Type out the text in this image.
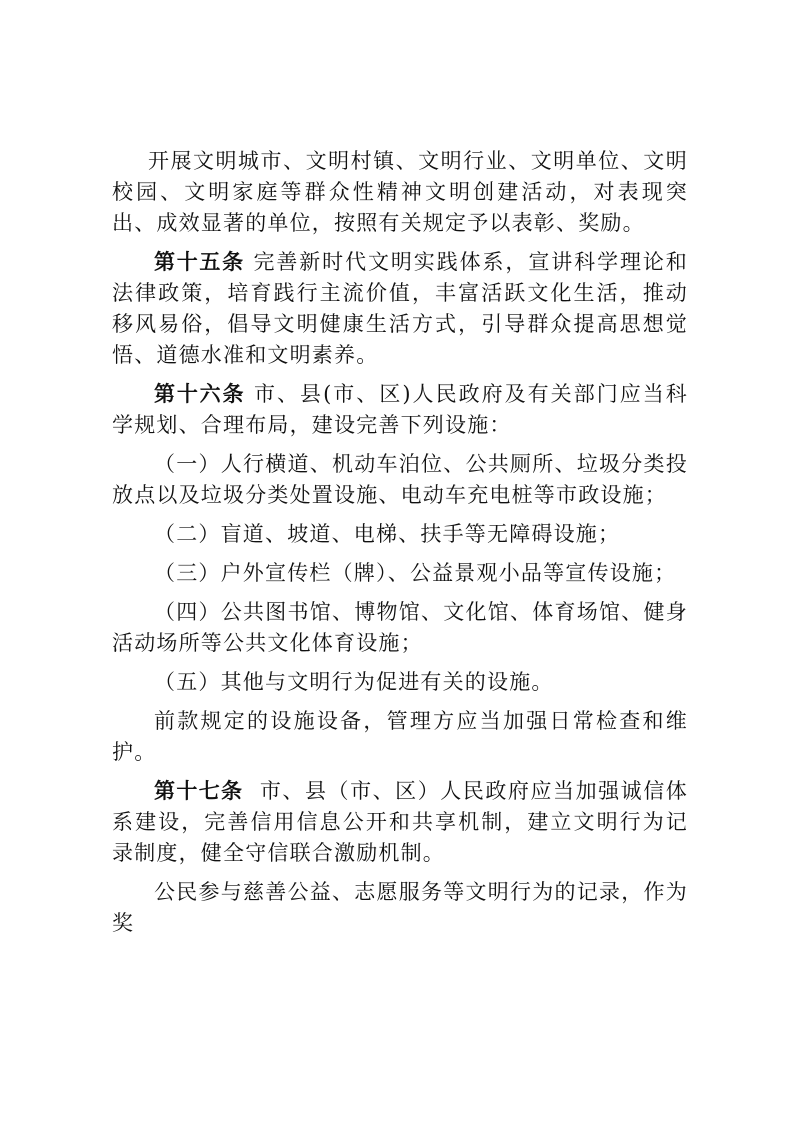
开展文明城市、文明村镇、文明行业、文明单位、文明校园、文明家庭等群众性精神文明创建活动，对表现突出、成效显著的单位，按照有关规定予以表彰、奖励。

第十五条 完善新时代文明实践体系，宣讲科学理论和法律政策，培育践行主流价值，丰富活跃文化生活，推动移风易俗，倡导文明健康生活方式，引导群众提高思想觉悟、道德水准和文明素养。

第十六条 市、县(市、区)人民政府及有关部门应当科学规划、合理布局，建设完善下列设施：

（一）人行横道、机动车泊位、公共厕所、垃圾分类投放点以及垃圾分类处置设施、电动车充电桩等市政设施；

（二）盲道、坡道、电梯、扶手等无障碍设施；

（三）户外宣传栏（牌）、公益景观小品等宣传设施；

（四）公共图书馆、博物馆、文化馆、体育场馆、健身活动场所等公共文化体育设施；

（五）其他与文明行为促进有关的设施。

前款规定的设施设备，管理方应当加强日常检查和维护。

第十七条 市、县（市、区）人民政府应当加强诚信体系建设，完善信用信息公开和共享机制，建立文明行为记录制度，健全守信联合激励机制。

公民参与慈善公益、志愿服务等文明行为的记录，作为奖
